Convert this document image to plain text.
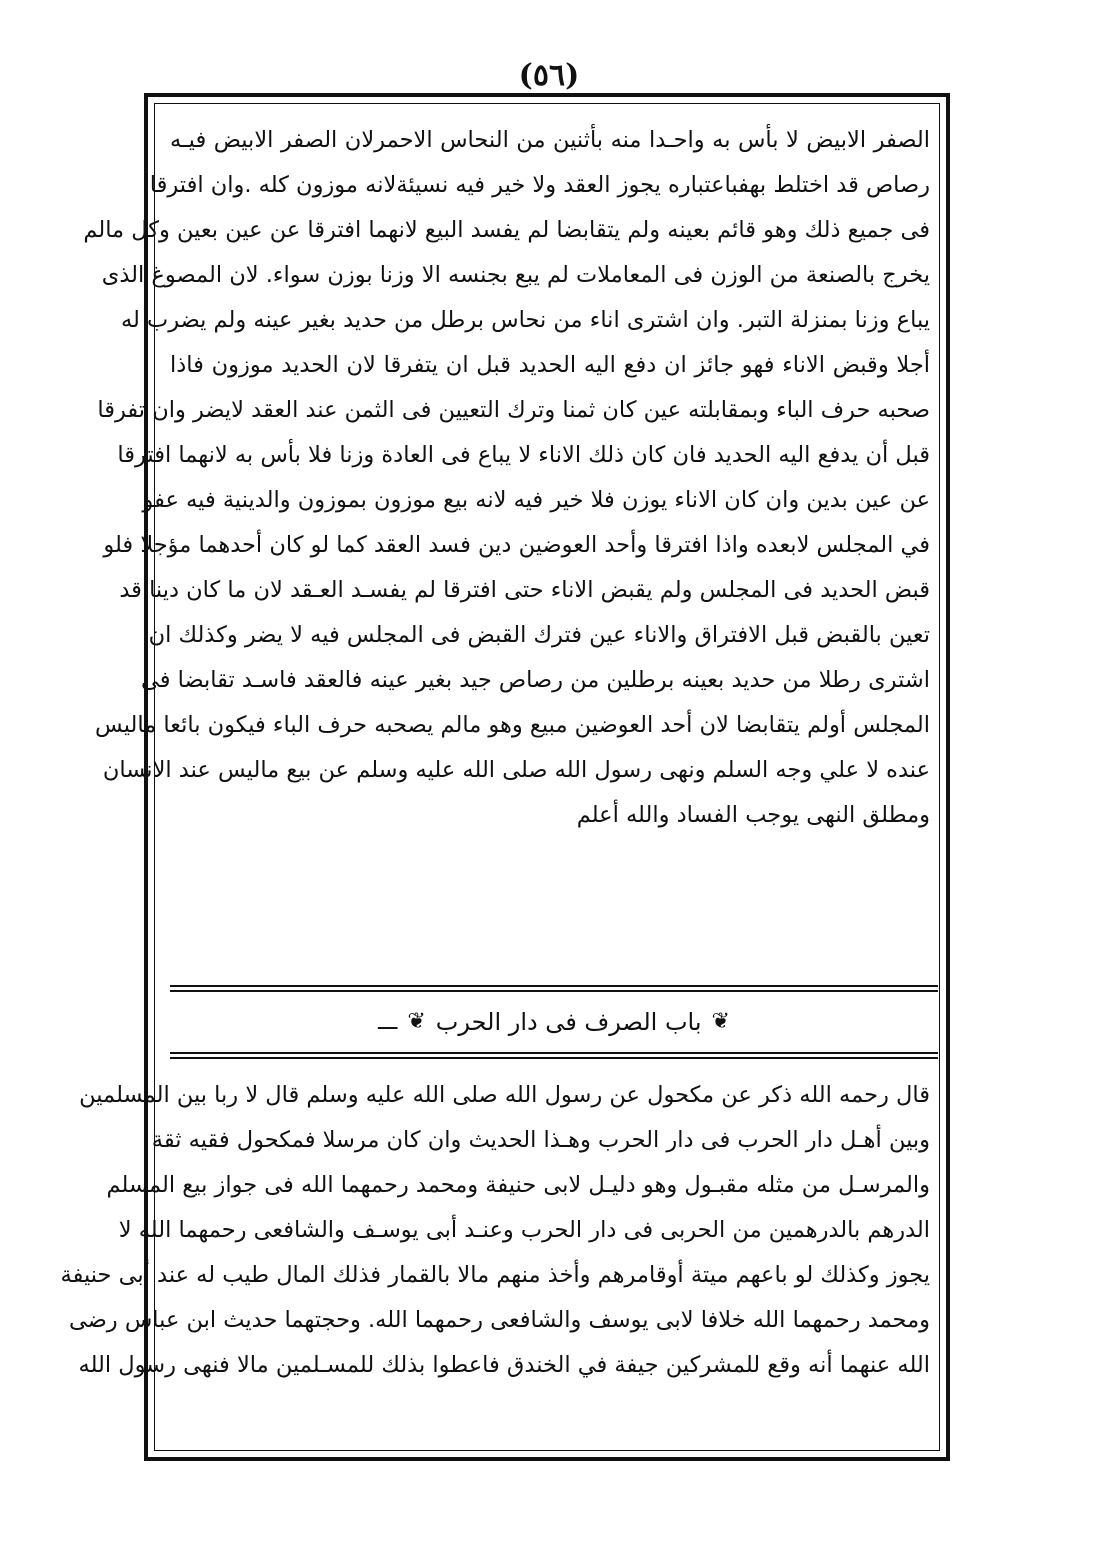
(٥٦)
الصفر الابيض لا بأس به واحـدا منه بأثنين من النحاس الاحمرلان الصفر الابيض فيـه
رصاص قد اختلط بهفباعتباره يجوز العقد ولا خير فيه نسيئةلانه موزون كله .وان افترقا
فى جميع ذلك وهو قائم بعينه ولم يتقابضا لم يفسد البيع لانهما افترقا عن عين بعين وكل مالم
يخرج بالصنعة من الوزن فى المعاملات لم يبع بجنسه الا وزنا بوزن سواء. لان المصوغ الذى
يباع وزنا بمنزلة التبر. وان اشترى اناء من نحاس برطل من حديد بغير عينه ولم يضرب له
أجلا وقبض الاناء فهو جائز ان دفع اليه الحديد قبل ان يتفرقا لان الحديد موزون فاذا
صحبه حرف الباء وبمقابلته عين كان ثمنا وترك التعيين فى الثمن عند العقد لايضر وان تفرقا
قبل أن يدفع اليه الحديد فان كان ذلك الاناء لا يباع فى العادة وزنا فلا بأس به لانهما افترقا
عن عين بدين وان كان الاناء يوزن فلا خير فيه لانه بيع موزون بموزون والدينية فيه عفو
في المجلس لابعده واذا افترقا وأحد العوضين دين فسد العقد كما لو كان أحدهما مؤجلا فلو
قبض الحديد فى المجلس ولم يقبض الاناء حتى افترقا لم يفسـد العـقد لان ما كان دينا قد
تعين بالقبض قبل الافتراق والاناء عين فترك القبض فى المجلس فيه لا يضر وكذلك ان
اشترى رطلا من حديد بعينه برطلين من رصاص جيد بغير عينه فالعقد فاسـد تقابضا فى
المجلس أولم يتقابضا لان أحد العوضين مبيع وهو مالم يصحبه حرف الباء فيكون بائعا ماليس
عنده لا علي وجه السلم ونهى رسول الله صلى الله عليه وسلم عن بيع ماليس عند الانسان
ومطلق النهى يوجب الفساد والله أعلم
❦
باب الصرف فى دار الحرب
❦
ـــ
قال رحمه الله ذكر عن مكحول عن رسول الله صلى الله عليه وسلم قال لا ربا بين المسلمين
وبين أهـل دار الحرب فى دار الحرب وهـذا الحديث وان كان مرسلا فمكحول فقيه ثقة
والمرسـل من مثله مقبـول وهو دليـل لابى حنيفة ومحمد رحمهما الله فى جواز بيع المسلم
الدرهم بالدرهمين من الحربى فى دار الحرب وعنـد أبى يوسـف والشافعى رحمهما الله لا
يجوز وكذلك لو باعهم ميتة أوقامرهم وأخذ منهم مالا بالقمار فذلك المال طيب له عند أبى حنيفة
ومحمد رحمهما الله خلافا لابى يوسف والشافعى رحمهما الله. وحجتهما حديث ابن عباس رضى
الله عنهما أنه وقع للمشركين جيفة في الخندق فاعطوا بذلك للمسـلمين مالا فنهى رسول الله
